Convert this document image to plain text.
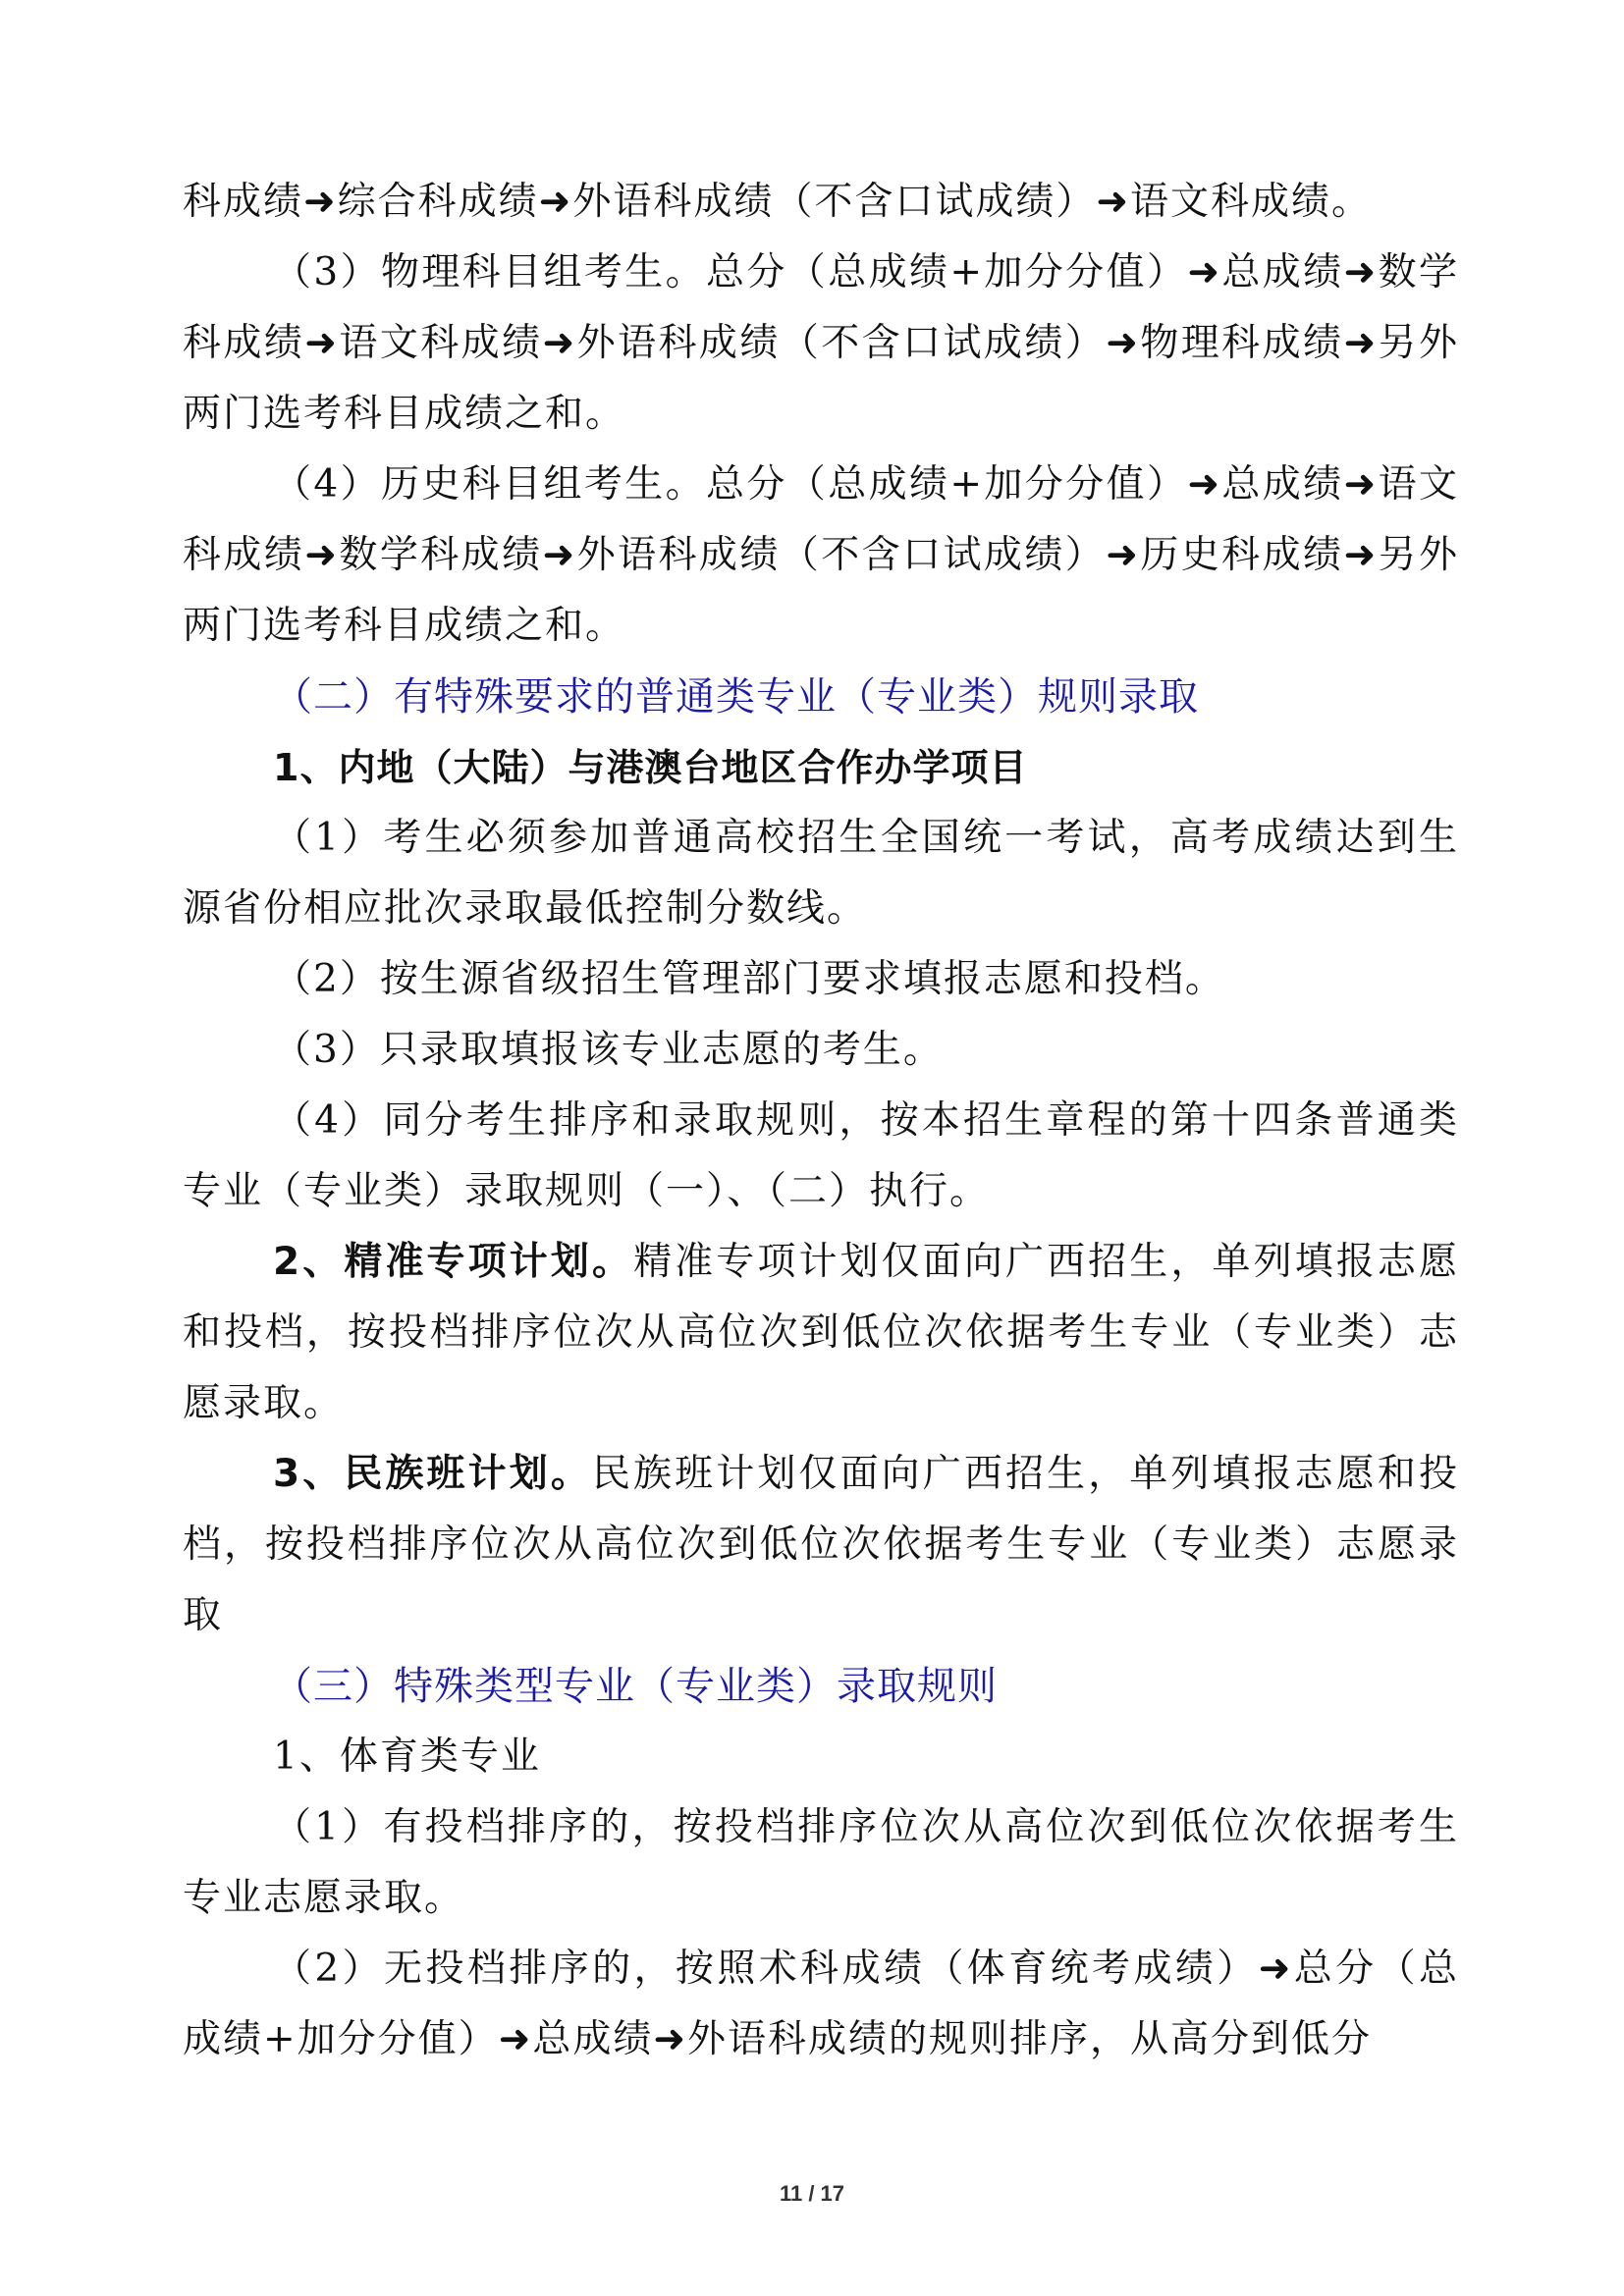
科成绩➜综合科成绩➜外语科成绩（不含口试成绩）➜语文科成绩。

（3）物理科目组考生。总分（总成绩+加分分值）➜总成绩➜数学科成绩➜语文科成绩➜外语科成绩（不含口试成绩）➜物理科成绩➜另外两门选考科目成绩之和。

（4）历史科目组考生。总分（总成绩+加分分值）➜总成绩➜语文科成绩➜数学科成绩➜外语科成绩（不含口试成绩）➜历史科成绩➜另外两门选考科目成绩之和。

（二）有特殊要求的普通类专业（专业类）规则录取

1、内地（大陆）与港澳台地区合作办学项目

（1）考生必须参加普通高校招生全国统一考试，高考成绩达到生源省份相应批次录取最低控制分数线。

（2）按生源省级招生管理部门要求填报志愿和投档。

（3）只录取填报该专业志愿的考生。

（4）同分考生排序和录取规则，按本招生章程的第十四条普通类专业（专业类）录取规则（一）、（二）执行。

2、精准专项计划。精准专项计划仅面向广西招生，单列填报志愿和投档，按投档排序位次从高位次到低位次依据考生专业（专业类）志愿录取。

3、民族班计划。民族班计划仅面向广西招生，单列填报志愿和投档，按投档排序位次从高位次到低位次依据考生专业（专业类）志愿录取

（三）特殊类型专业（专业类）录取规则

1、体育类专业

（1）有投档排序的，按投档排序位次从高位次到低位次依据考生专业志愿录取。

（2）无投档排序的，按照术科成绩（体育统考成绩）➜总分（总成绩+加分分值）➜总成绩➜外语科成绩的规则排序，从高分到低分

11 / 17
